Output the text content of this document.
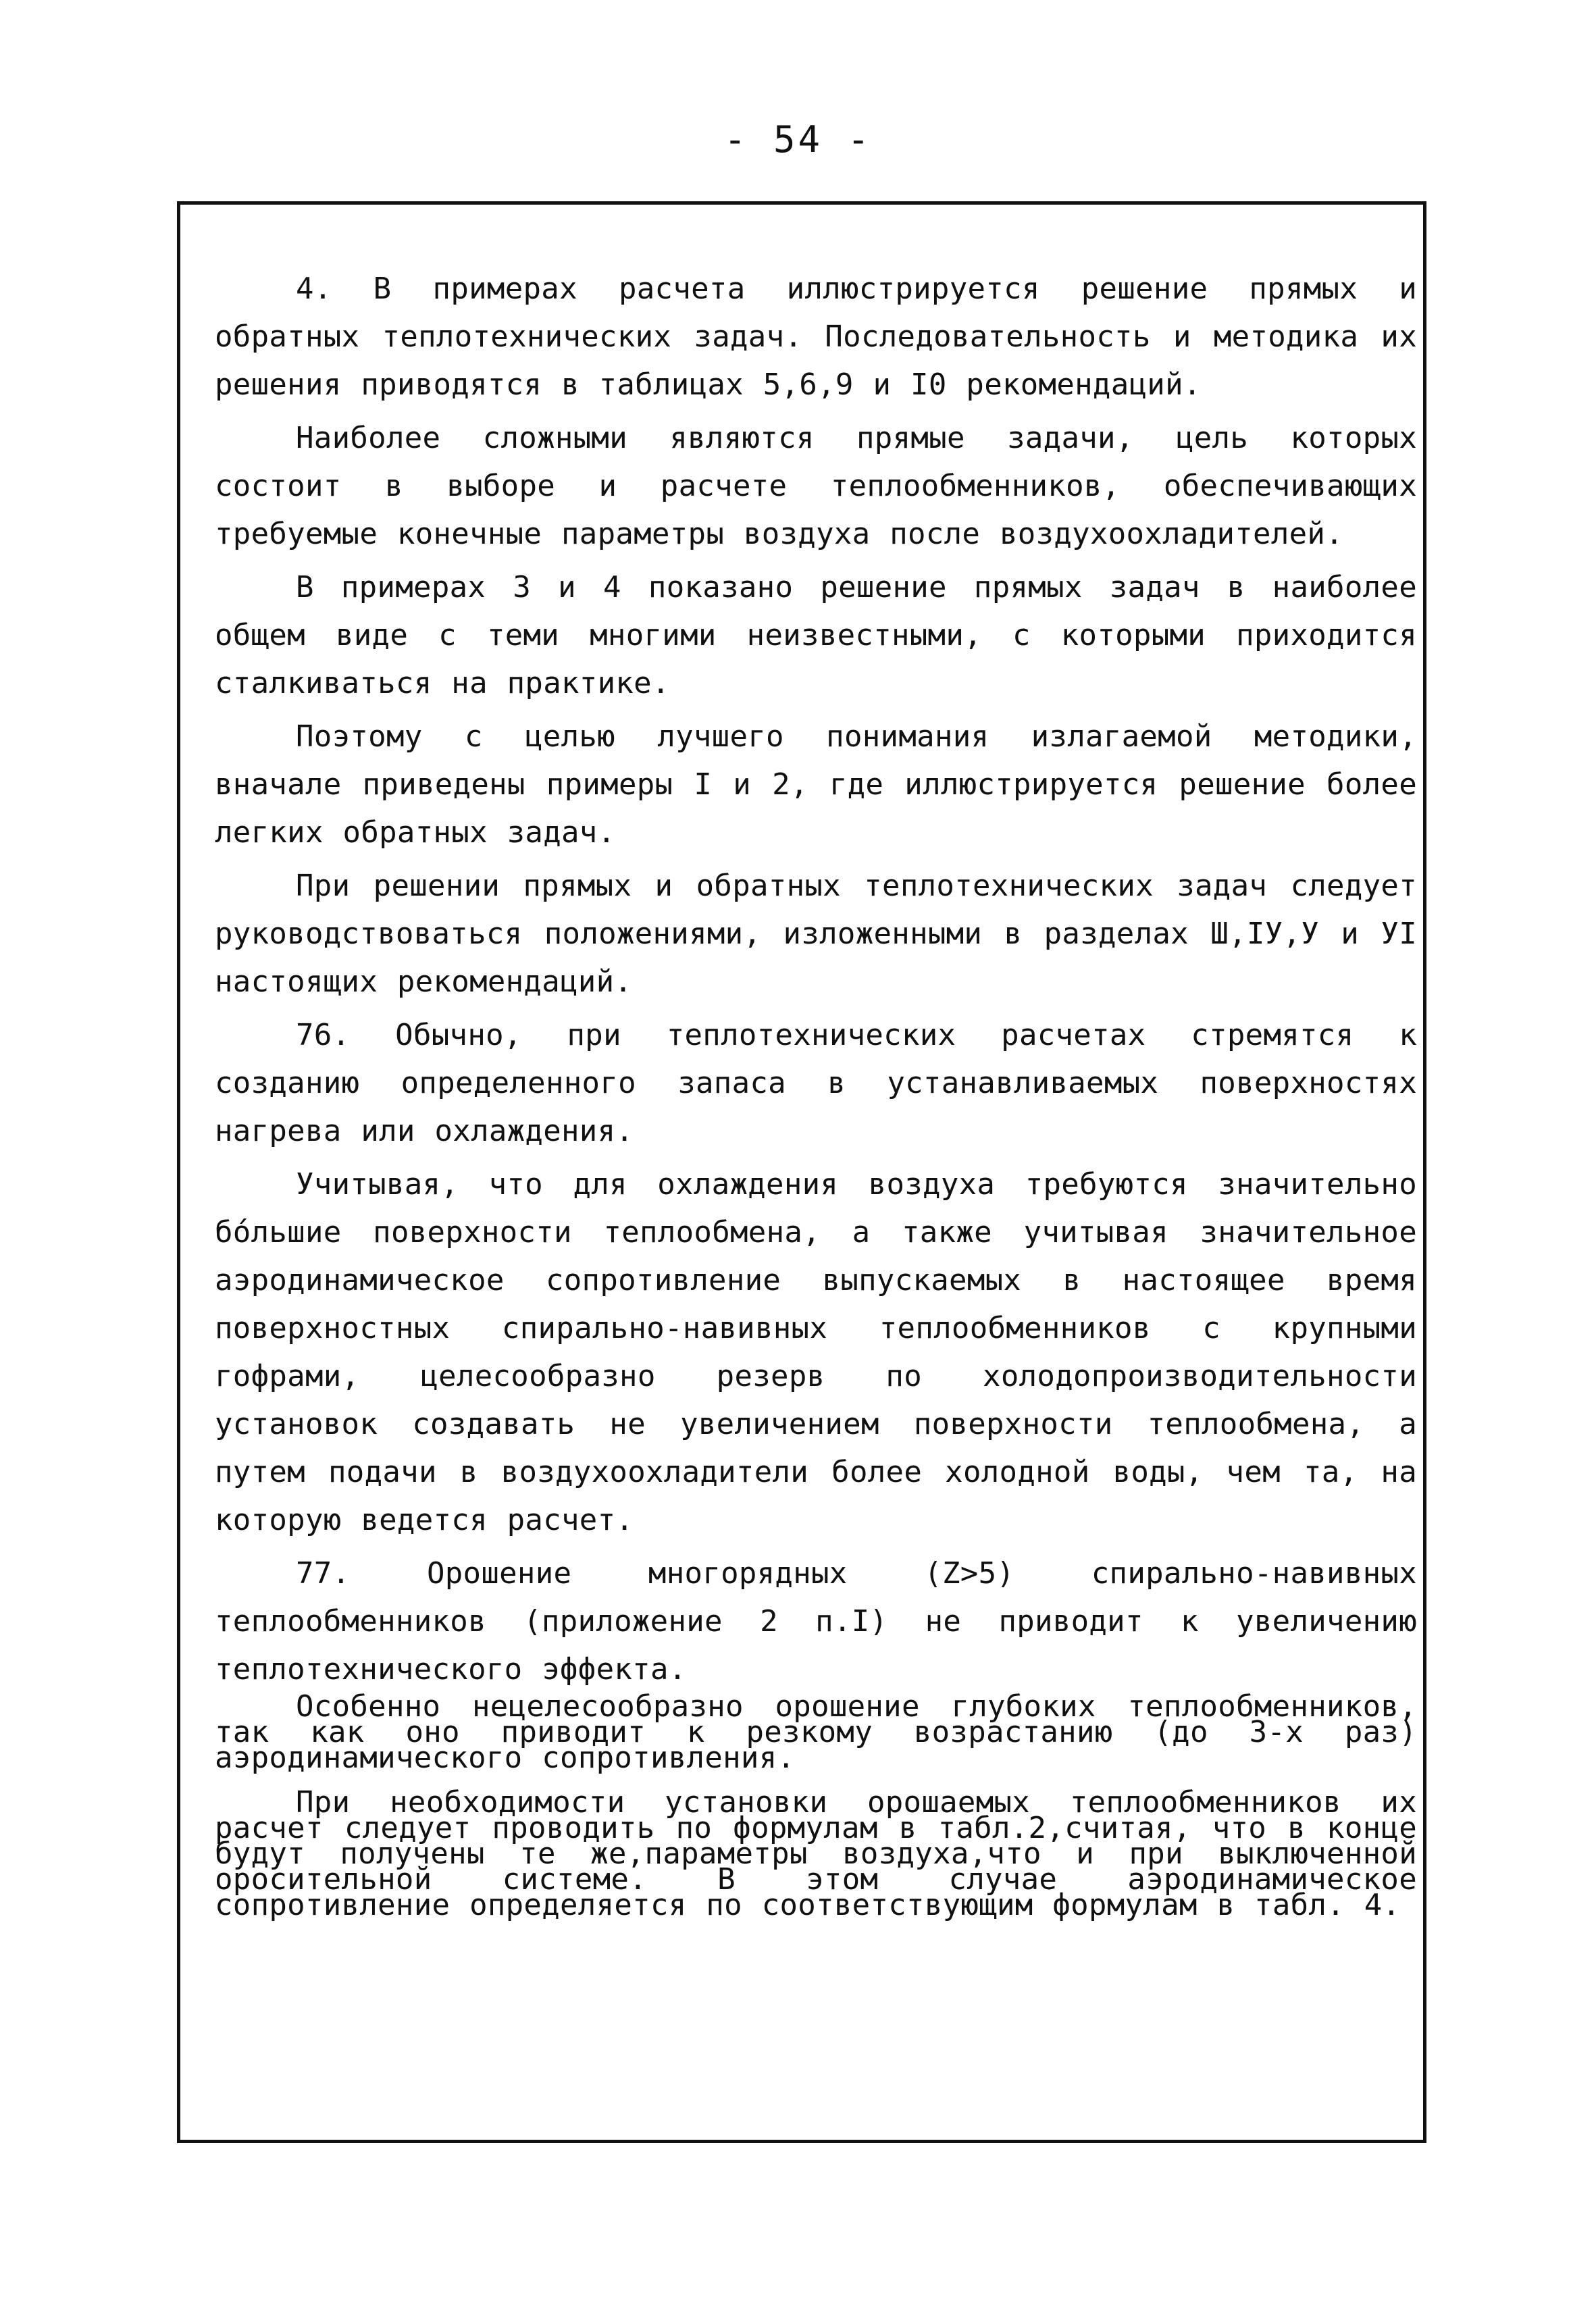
- 54 -

4. В примерах расчета иллюстрируется решение прямых и обратных теплотехнических задач. Последовательность и методика их решения приводятся в таблицах 5,6,9 и I0 рекомендаций.

Наиболее сложными являются прямые задачи, цель которых состоит в выборе и расчете теплообменников, обеспечивающих требуемые конечные параметры воздуха после воздухоохладителей.

В примерах 3 и 4 показано решение прямых задач в наиболее общем виде с теми многими неизвестными, с которыми приходится сталкиваться на практике.

Поэтому с целью лучшего понимания излагаемой методики, вначале приведены примеры I и 2, где иллюстрируется решение более легких обратных задач.

При решении прямых и обратных теплотехнических задач следует руководствоваться положениями, изложенными в разделах Ш,IУ,У и УI настоящих рекомендаций.

76. Обычно, при теплотехнических расчетах стремятся к созданию определенного запаса в устанавливаемых поверхностях нагрева или охлаждения.

Учитывая, что для охлаждения воздуха требуются значительно бо́льшие поверхности теплообмена, а также учитывая значительное аэродинамическое сопротивление выпускаемых в настоящее время поверхностных спирально-навивных теплообменников с крупными гофрами, целесообразно резерв по холодопроизводительности установок создавать не увеличением поверхности теплообмена, а путем подачи в воздухоохладители более холодной воды, чем та, на которую ведется расчет.

77. Орошение многорядных (Z>5) спирально-навивных теплообменников (приложение 2 п.I) не приводит к увеличению теплотехнического эффекта.

Особенно нецелесообразно орошение глубоких теплообменников, так как оно приводит к резкому возрастанию (до 3-х раз) аэродинамического сопротивления.

При необходимости установки орошаемых теплообменников их расчет следует проводить по формулам в табл.2,считая, что в конце будут получены те же,параметры воздуха,что и при выключенной оросительной системе. В этом случае аэродинамическое сопротивление определяется по соответствующим формулам в табл. 4.
